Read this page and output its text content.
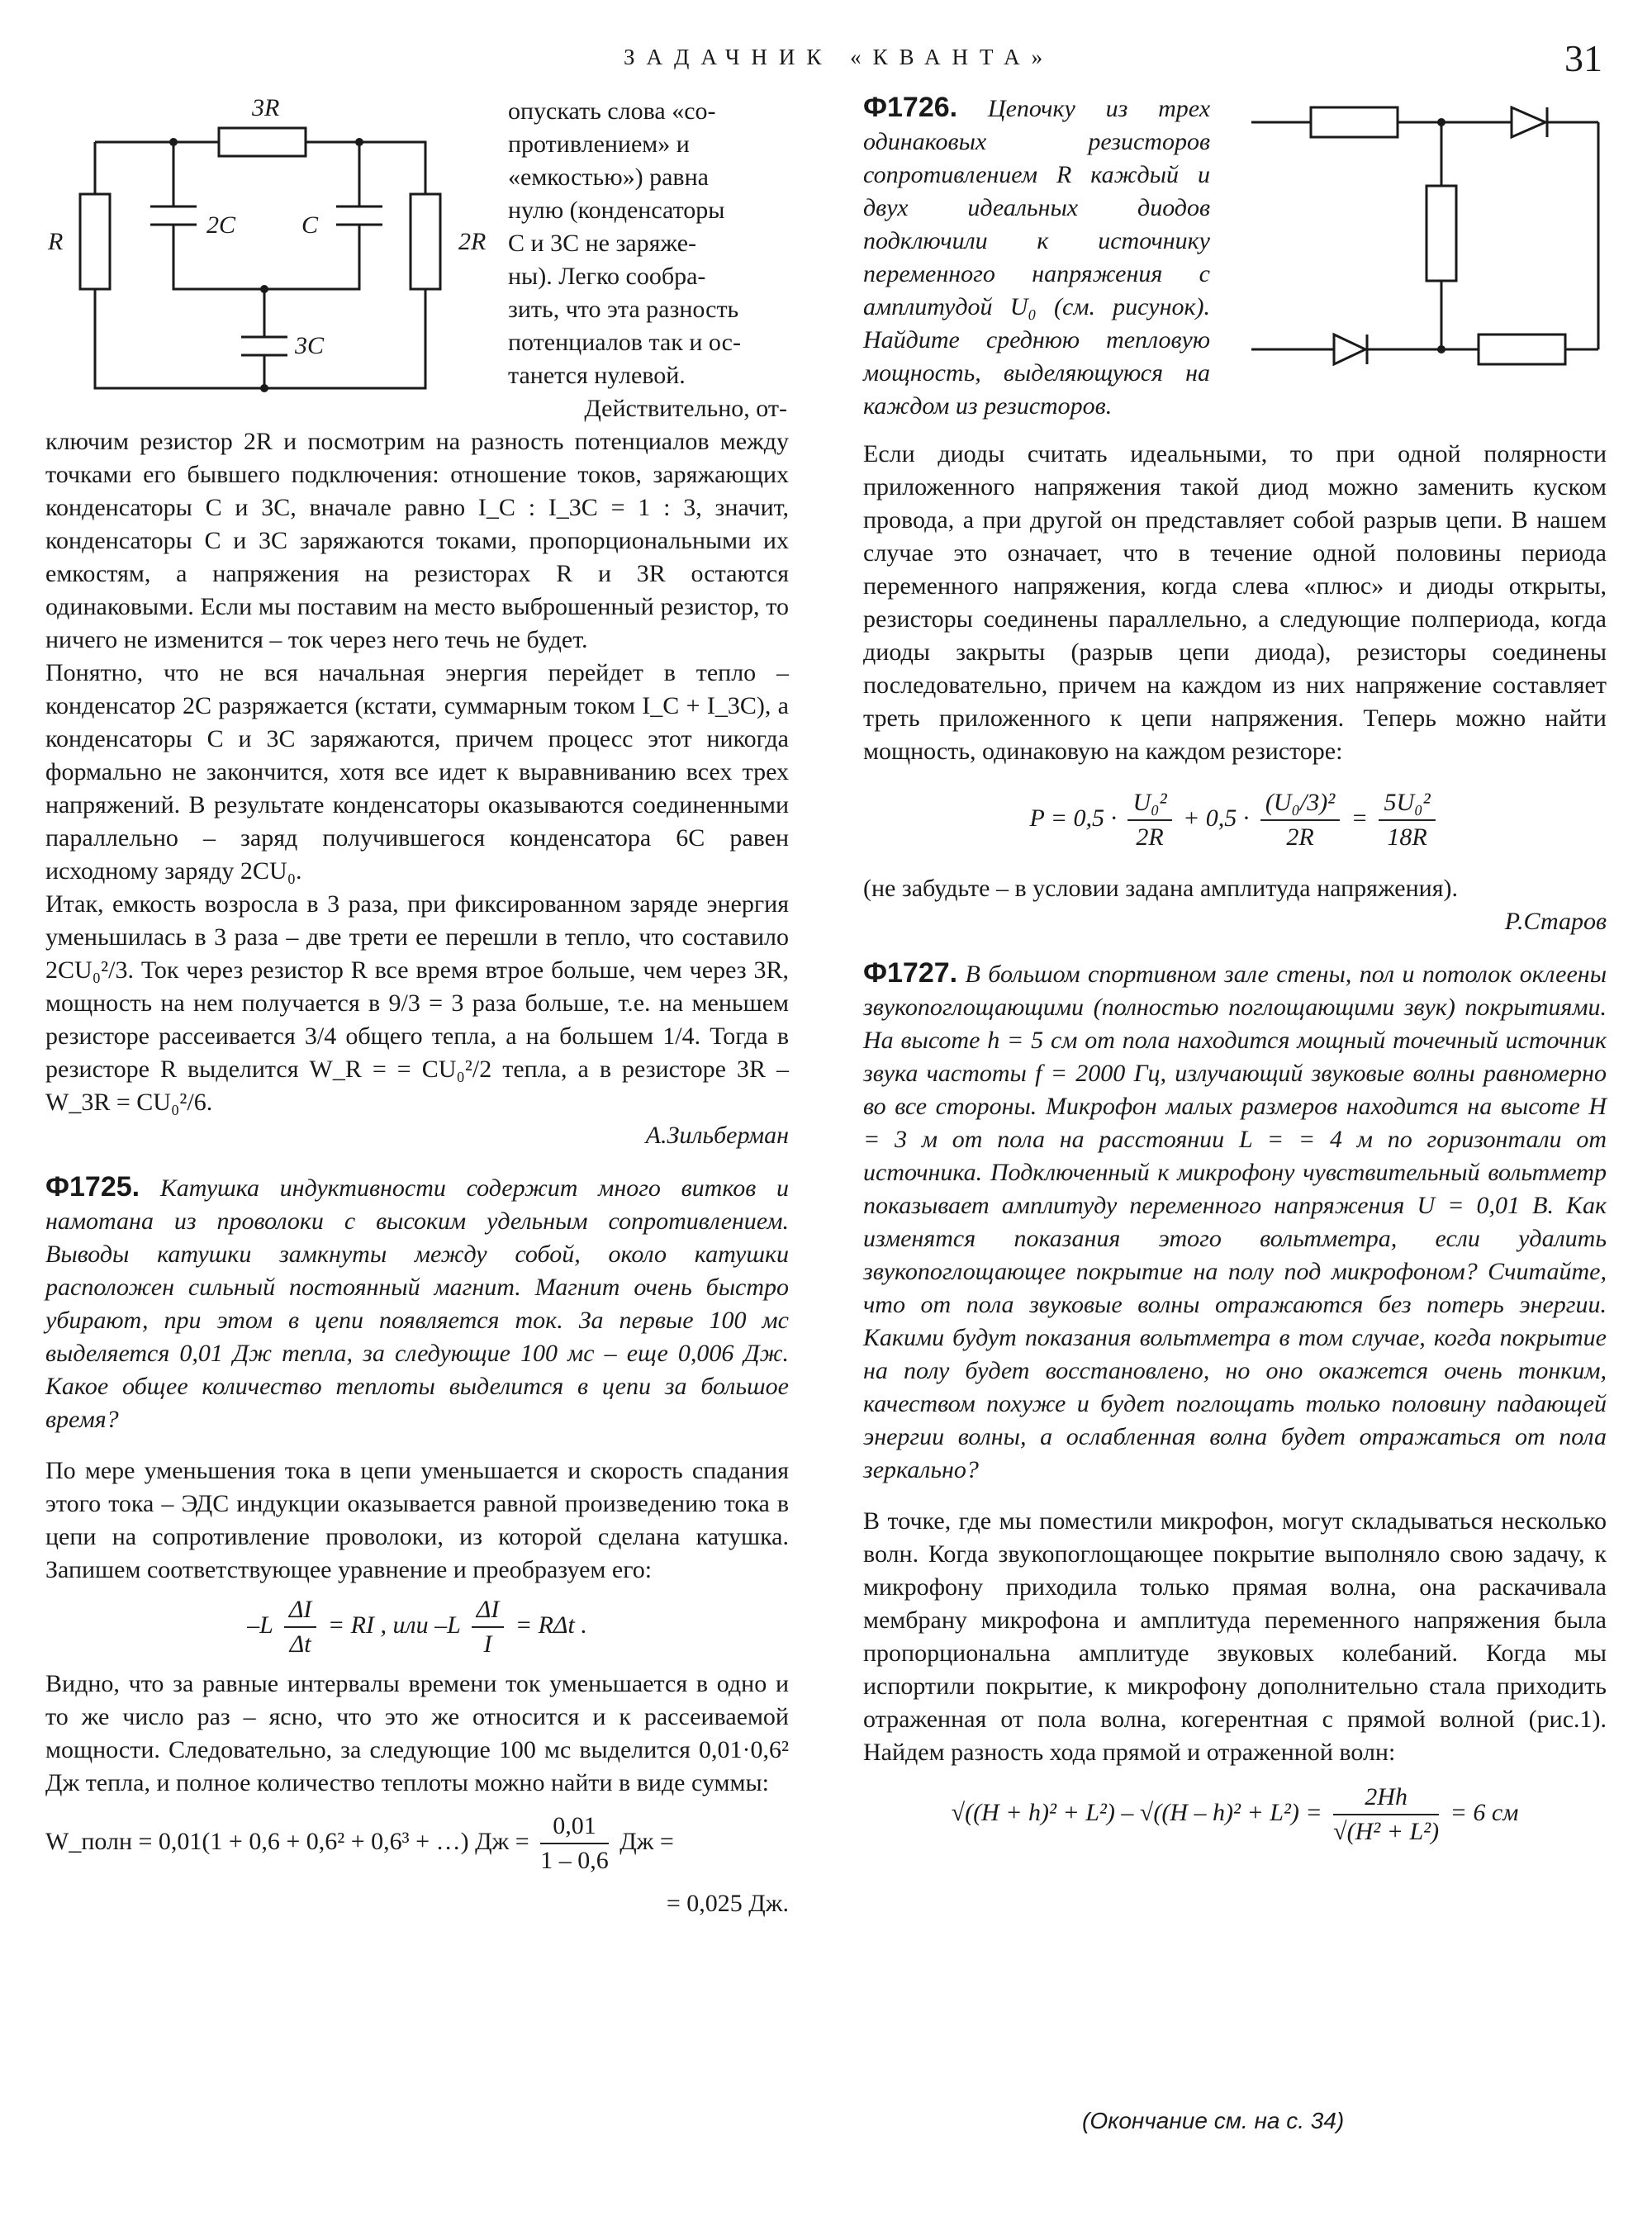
ЗАДАЧНИК «КВАНТА»	31
3R
R
2C	C
2R
3C

опускать слова «со-

противлением» и

«емкостью») равна

нулю (конденсаторы

C и 3C не заряже-

ны). Легко сообра-

зить, что эта разность

потенциалов так и ос-

танется нулевой.

Действительно, от-

ключим резистор 2R и посмотрим на разность потенциалов между точками его бывшего подключения: отношение токов, заряжающих конденсаторы C и 3C, вначале равно I_C : I_3C = 1 : 3, значит, конденсаторы C и 3C заряжаются токами, пропорциональными их емкостям, а напряжения на резисторах R и 3R остаются одинаковыми. Если мы поставим на место выброшенный резистор, то ничего не изменится – ток через него течь не будет.

Понятно, что не вся начальная энергия перейдет в тепло – конденсатор 2C разряжается (кстати, суммарным током I_C + I_3C), а конденсаторы C и 3C заряжаются, причем процесс этот никогда формально не закончится, хотя все идет к выравниванию всех трех напряжений. В результате конденсаторы оказываются соединенными параллельно – заряд получившегося конденсатора 6C равен исходному заряду 2CU₀.

Итак, емкость возросла в 3 раза, при фиксированном заряде энергия уменьшилась в 3 раза – две трети ее перешли в тепло, что составило 2CU₀²/3. Ток через резистор R все время втрое больше, чем через 3R, мощность на нем получается в 9/3 = 3 раза больше, т.е. на меньшем резисторе рассеивается 3/4 общего тепла, а на большем 1/4. Тогда в резисторе R выделится W_R = = CU₀²/2 тепла, а в резисторе 3R – W_3R = CU₀²/6.

А.Зильберман

Ф1725. Катушка индуктивности содержит много витков и намотана из проволоки с высоким удельным сопротивлением. Выводы катушки замкнуты между собой, около катушки расположен сильный постоянный магнит. Магнит очень быстро убирают, при этом в цепи появляется ток. За первые 100 мс выделяется 0,01 Дж тепла, за следующие 100 мс – еще 0,006 Дж. Какое общее количество теплоты выделится в цепи за большое время?

По мере уменьшения тока в цепи уменьшается и скорость спадания этого тока – ЭДС индукции оказывается равной произведению тока в цепи на сопротивление проволоки, из которой сделана катушка. Запишем соответствующее уравнение и преобразуем его:

$-L \frac{\Delta I}{\Delta t}$ = RI , или $-L \frac{\Delta I}{I} = R\Delta t$ .

Видно, что за равные интервалы времени ток уменьшается в одно и то же число раз – ясно, что это же относится и к рассеиваемой мощности. Следовательно, за следующие 100 мс выделится 0,01·0,6² Дж тепла, и полное количество теплоты можно найти в виде суммы:

W_полн = 0,01(1 + 0,6 + 0,6² + 0,6³ + …) Дж = $\frac{0,01}{1 - 0,6}$ Дж =

= 0,025 Дж.

Ф1726. Цепочку из трех одинаковых резисторов сопротивлением R каждый и двух идеальных диодов подключили к источнику переменного напряжения с амплитудой U₀ (см. рисунок). Найдите среднюю тепловую мощность, выделяющуюся на каждом из резисторов.

Если диоды считать идеальными, то при одной полярности приложенного напряжения такой диод можно заменить куском провода, а при другой он представляет собой разрыв цепи. В нашем случае это означает, что в течение одной половины периода переменного напряжения, когда слева «плюс» и диоды открыты, резисторы соединены параллельно, а следующие полпериода, когда диоды закрыты (разрыв цепи диода), резисторы соединены последовательно, причем на каждом из них напряжение составляет треть приложенного к цепи напряжения. Теперь можно найти мощность, одинаковую на каждом резисторе:

$P = 0,5 \cdot \frac{\text{U₀²}}{2R} + 0,5 \cdot \frac{\text{(U₀/3)²}}{2R} = \frac{\text{5U₀²}}{18R}$

(не забудьте – в условии задана амплитуда напряжения).

Р.Старов

Ф1727. В большом спортивном зале стены, пол и потолок оклеены звукопоглощающими (полностью поглощающими звук) покрытиями. На высоте h = 5 см от пола находится мощный точечный источник звука частоты f = 2000 Гц, излучающий звуковые волны равномерно во все стороны. Микрофон малых размеров находится на высоте H = 3 м от пола на расстоянии L = = 4 м по горизонтали от источника. Подключенный к микрофону чувствительный вольтметр показывает амплитуду переменного напряжения U = 0,01 В. Как изменятся показания этого вольтметра, если удалить звукопоглощающее покрытие на полу под микрофоном? Считайте, что от пола звуковые волны отражаются без потерь энергии. Какими будут показания вольтметра в том случае, когда покрытие на полу будет восстановлено, но оно окажется очень тонким, качеством похуже и будет поглощать только половину падающей энергии волны, а ослабленная волна будет отражаться от пола зеркально?

В точке, где мы поместили микрофон, могут складываться несколько волн. Когда звукопоглощающее покрытие выполняло свою задачу, к микрофону приходила только прямая волна, она раскачивала мембрану микрофона и амплитуда переменного напряжения была пропорциональна амплитуде звуковых колебаний. Когда мы испортили покрытие, к микрофону дополнительно стала приходить отраженная от пола волна, когерентная с прямой волной (рис.1). Найдем разность хода прямой и отраженной волн:

$√((H + h)^2 + L^2) - √((H - h)^2 + L^2) = \frac{2Hh}{\text{√(H² + L²)}} = 6$ см
(Окончание см. на с. 34)
